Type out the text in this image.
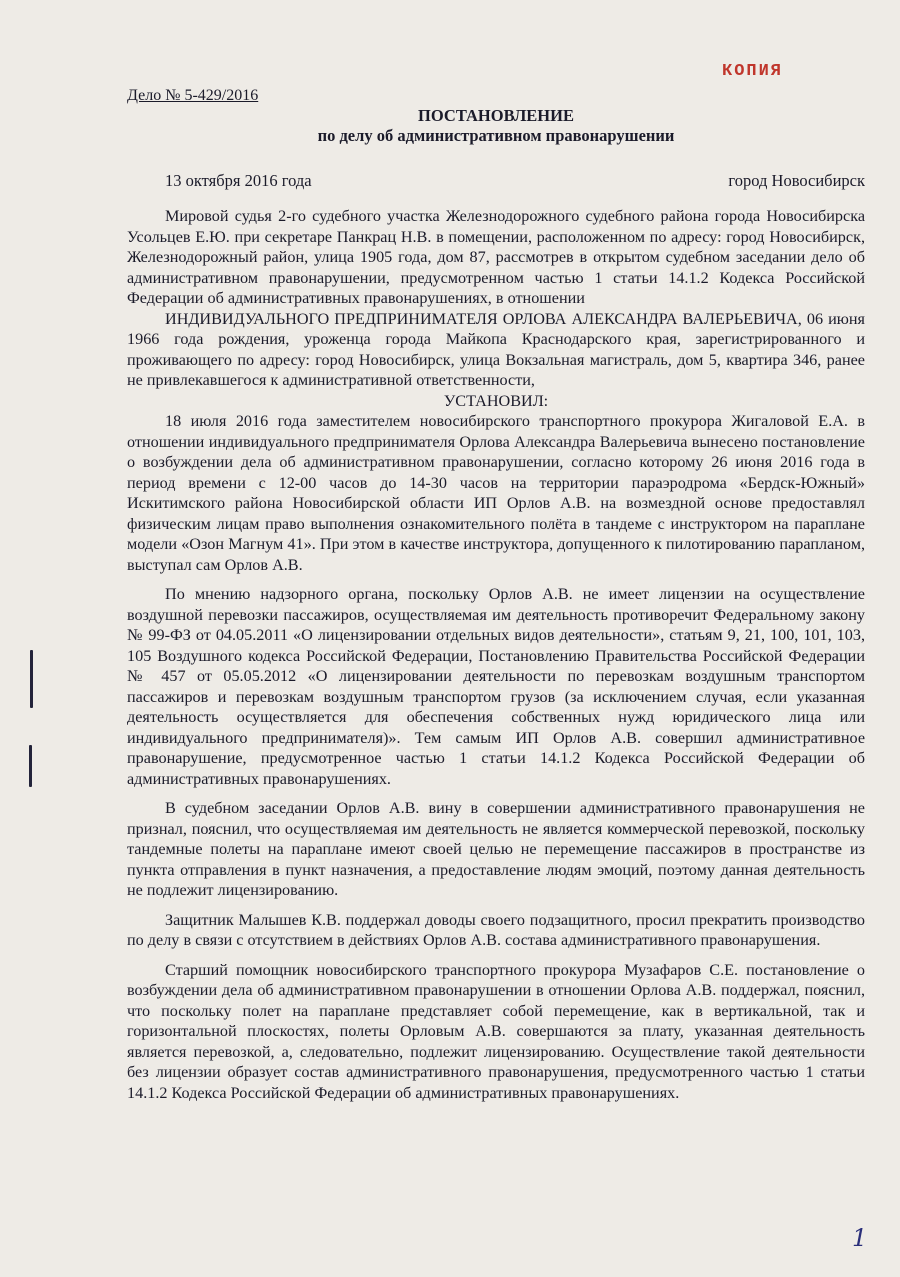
КОПИЯ
Дело № 5-429/2016
ПОСТАНОВЛЕНИЕ
по делу об административном правонарушении
13 октября 2016 года	город Новосибирск

Мировой судья 2-го судебного участка Железнодорожного судебного района города Новосибирска Усольцев Е.Ю. при секретаре Панкрац Н.В. в помещении, расположенном по адресу: город Новосибирск, Железнодорожный район, улица 1905 года, дом 87, рассмотрев в открытом судебном заседании дело об административном правонарушении, предусмотренном частью 1 статьи 14.1.2 Кодекса Российской Федерации об административных правонарушениях, в отношении

ИНДИВИДУАЛЬНОГО ПРЕДПРИНИМАТЕЛЯ ОРЛОВА АЛЕКСАНДРА ВАЛЕРЬЕВИЧА, 06 июня 1966 года рождения, уроженца города Майкопа Краснодарского края, зарегистрированного и проживающего по адресу: город Новосибирск, улица Вокзальная магистраль, дом 5, квартира 346, ранее не привлекавшегося к административной ответственности,

УСТАНОВИЛ:

18 июля 2016 года заместителем новосибирского транспортного прокурора Жигаловой Е.А. в отношении индивидуального предпринимателя Орлова Александра Валерьевича вынесено постановление о возбуждении дела об административном правонарушении, согласно которому 26 июня 2016 года в период времени с 12-00 часов до 14-30 часов на территории параэродрома «Бердск-Южный» Искитимского района Новосибирской области ИП Орлов А.В. на возмездной основе предоставлял физическим лицам право выполнения ознакомительного полёта в тандеме с инструктором на параплане модели «Озон Магнум 41». При этом в качестве инструктора, допущенного к пилотированию парапланом, выступал сам Орлов А.В.

По мнению надзорного органа, поскольку Орлов А.В. не имеет лицензии на осуществление воздушной перевозки пассажиров, осуществляемая им деятельность противоречит Федеральному закону № 99-ФЗ от 04.05.2011 «О лицензировании отдельных видов деятельности», статьям 9, 21, 100, 101, 103, 105 Воздушного кодекса Российской Федерации, Постановлению Правительства Российской Федерации № 457 от 05.05.2012 «О лицензировании деятельности по перевозкам воздушным транспортом пассажиров и перевозкам воздушным транспортом грузов (за исключением случая, если указанная деятельность осуществляется для обеспечения собственных нужд юридического лица или индивидуального предпринимателя)». Тем самым ИП Орлов А.В. совершил административное правонарушение, предусмотренное частью 1 статьи 14.1.2 Кодекса Российской Федерации об административных правонарушениях.

В судебном заседании Орлов А.В. вину в совершении административного правонарушения не признал, пояснил, что осуществляемая им деятельность не является коммерческой перевозкой, поскольку тандемные полеты на параплане имеют своей целью не перемещение пассажиров в пространстве из пункта отправления в пункт назначения, а предоставление людям эмоций, поэтому данная деятельность не подлежит лицензированию.

Защитник Малышев К.В. поддержал доводы своего подзащитного, просил прекратить производство по делу в связи с отсутствием в действиях Орлов А.В. состава административного правонарушения.

Старший помощник новосибирского транспортного прокурора Музафаров С.Е. постановление о возбуждении дела об административном правонарушении в отношении Орлова А.В. поддержал, пояснил, что поскольку полет на параплане представляет собой перемещение, как в вертикальной, так и горизонтальной плоскостях, полеты Орловым А.В. совершаются за плату, указанная деятельность является перевозкой, а, следовательно, подлежит лицензированию. Осуществление такой деятельности без лицензии образует состав административного правонарушения, предусмотренного частью 1 статьи 14.1.2 Кодекса Российской Федерации об административных правонарушениях.

1
